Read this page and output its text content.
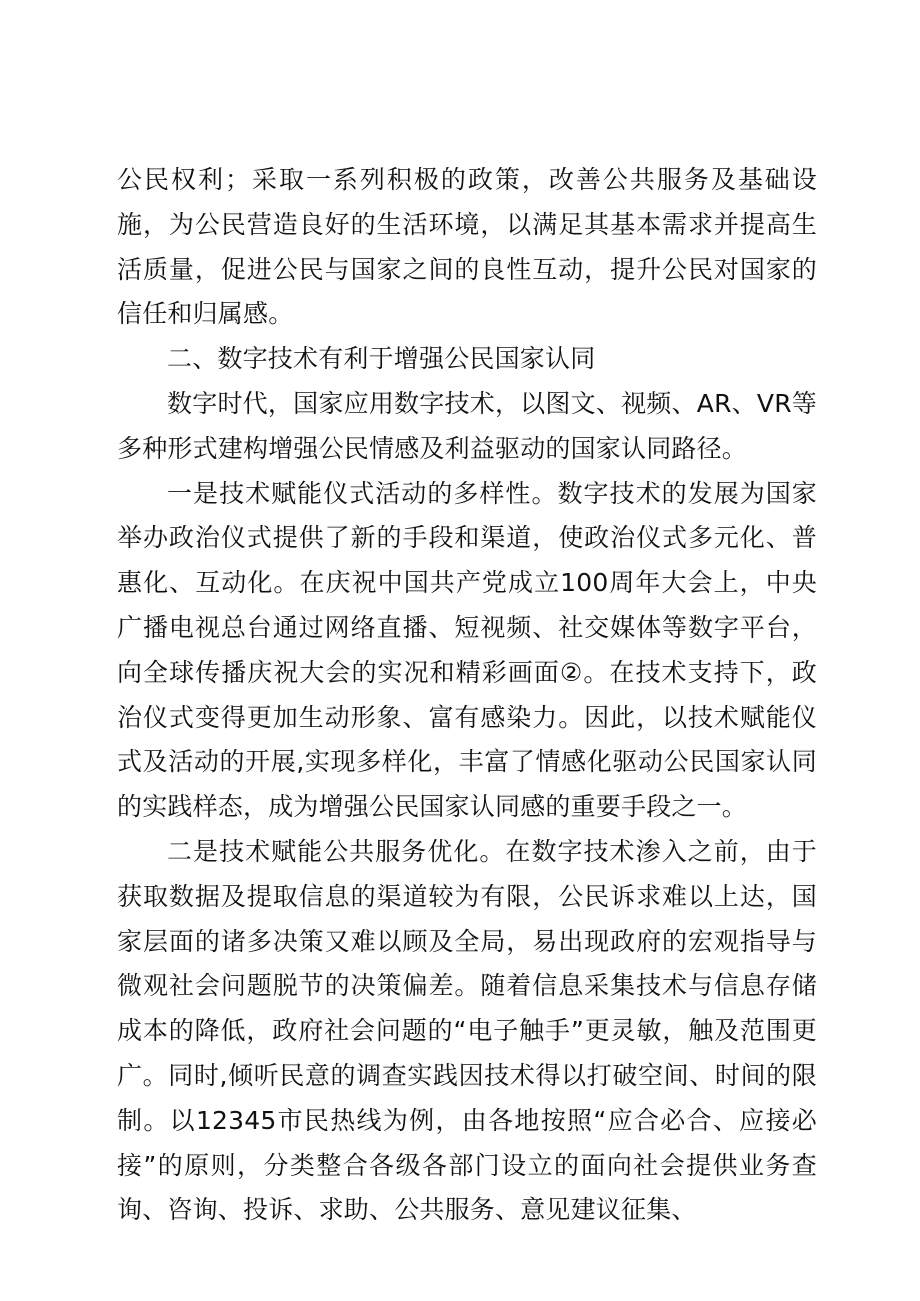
公民权利；采取一系列积极的政策，改善公共服务及基础设施，为公民营造良好的生活环境，以满足其基本需求并提高生活质量，促进公民与国家之间的良性互动，提升公民对国家的信任和归属感。

二、数字技术有利于增强公民国家认同

数字时代，国家应用数字技术，以图文、视频、AR、VR等多种形式建构增强公民情感及利益驱动的国家认同路径。

一是技术赋能仪式活动的多样性。数字技术的发展为国家举办政治仪式提供了新的手段和渠道，使政治仪式多元化、普惠化、互动化。在庆祝中国共产党成立100周年大会上，中央广播电视总台通过网络直播、短视频、社交媒体等数字平台，向全球传播庆祝大会的实况和精彩画面②。在技术支持下，政治仪式变得更加生动形象、富有感染力。因此，以技术赋能仪式及活动的开展,实现多样化，丰富了情感化驱动公民国家认同的实践样态，成为增强公民国家认同感的重要手段之一。

二是技术赋能公共服务优化。在数字技术渗入之前，由于获取数据及提取信息的渠道较为有限，公民诉求难以上达，国家层面的诸多决策又难以顾及全局，易出现政府的宏观指导与微观社会问题脱节的决策偏差。随着信息采集技术与信息存储成本的降低，政府社会问题的“电子触手”更灵敏，触及范围更广。同时,倾听民意的调查实践因技术得以打破空间、时间的限制。以12345市民热线为例，由各地按照“应合必合、应接必接”的原则，分类整合各级各部门设立的面向社会提供业务查询、咨询、投诉、求助、公共服务、意见建议征集、
